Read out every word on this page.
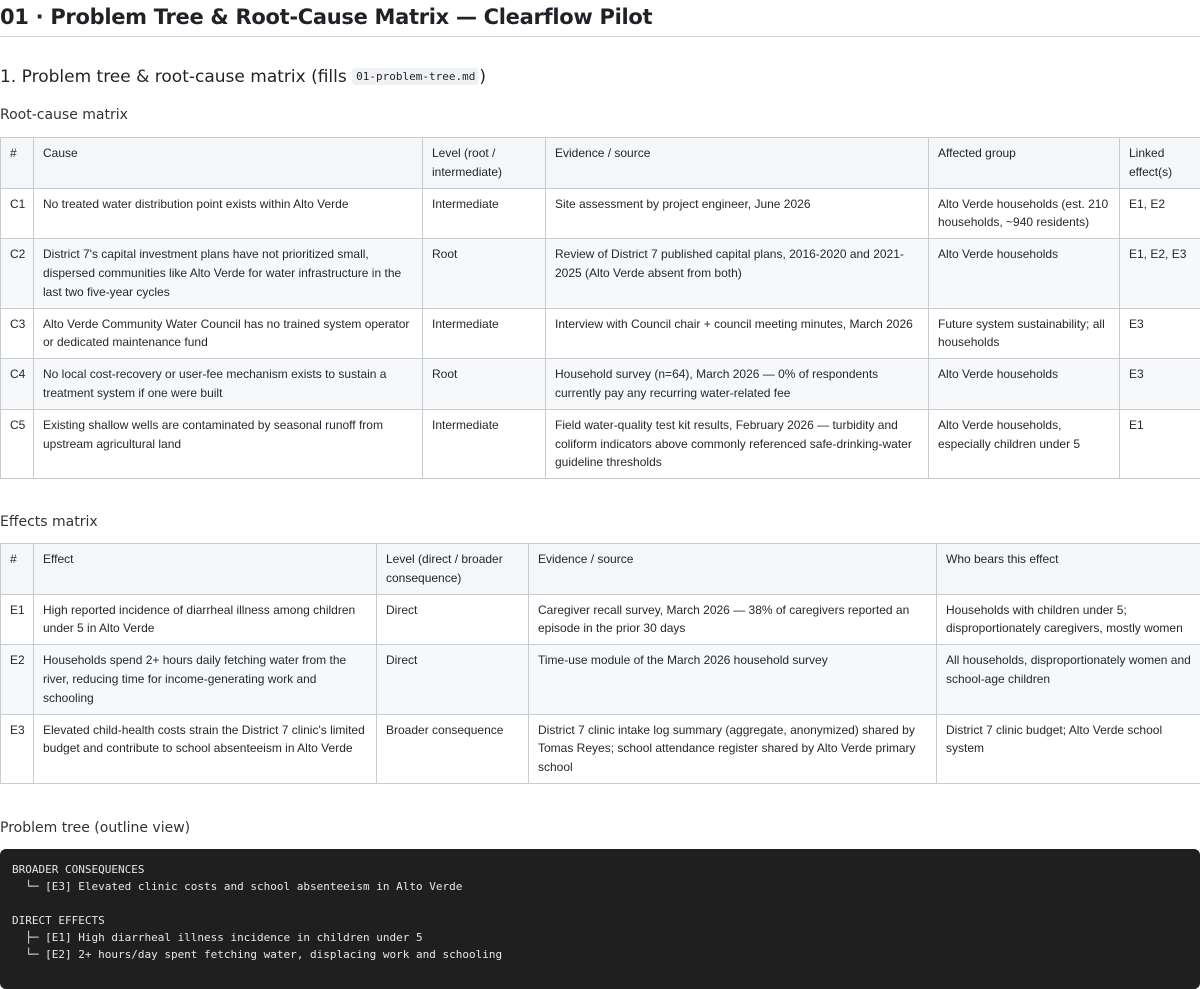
01 · Problem Tree & Root-Cause Matrix — Clearflow Pilot
1. Problem tree & root-cause matrix (fills 01-problem-tree.md )
Root-cause matrix
#	Cause	Level (root / intermediate)	Evidence / source	Affected group	Linked effect(s)
C1	No treated water distribution point exists within Alto Verde	Intermediate	Site assessment by project engineer, June 2026	Alto Verde households (est. 210 households, ~940 residents)	E1, E2
C2	District 7's capital investment plans have not prioritized small, dispersed communities like Alto Verde for water infrastructure in the last two five-year cycles	Root	Review of District 7 published capital plans, 2016-2020 and 2021-2025 (Alto Verde absent from both)	Alto Verde households	E1, E2, E3
C3	Alto Verde Community Water Council has no trained system operator or dedicated maintenance fund	Intermediate	Interview with Council chair + council meeting minutes, March 2026	Future system sustainability; all households	E3
C4	No local cost-recovery or user-fee mechanism exists to sustain a treatment system if one were built	Root	Household survey (n=64), March 2026 — 0% of respondents currently pay any recurring water-related fee	Alto Verde households	E3
C5	Existing shallow wells are contaminated by seasonal runoff from upstream agricultural land	Intermediate	Field water-quality test kit results, February 2026 — turbidity and coliform indicators above commonly referenced safe-drinking-water guideline thresholds	Alto Verde households, especially children under 5	E1
Effects matrix
#	Effect	Level (direct / broader consequence)	Evidence / source	Who bears this effect
E1	High reported incidence of diarrheal illness among children under 5 in Alto Verde	Direct	Caregiver recall survey, March 2026 — 38% of caregivers reported an episode in the prior 30 days	Households with children under 5; disproportionately caregivers, mostly women
E2	Households spend 2+ hours daily fetching water from the river, reducing time for income-generating work and schooling	Direct	Time-use module of the March 2026 household survey	All households, disproportionately women and school-age children
E3	Elevated child-health costs strain the District 7 clinic's limited budget and contribute to school absenteeism in Alto Verde	Broader consequence	District 7 clinic intake log summary (aggregate, anonymized) shared by Tomas Reyes; school attendance register shared by Alto Verde primary school	District 7 clinic budget; Alto Verde school system
Problem tree (outline view)
BROADER CONSEQUENCES
└─ [E3] Elevated clinic costs and school absenteeism in Alto Verde
DIRECT EFFECTS
├─ [E1] High diarrheal illness incidence in children under 5
└─ [E2] 2+ hours/day spent fetching water, displacing work and schooling
